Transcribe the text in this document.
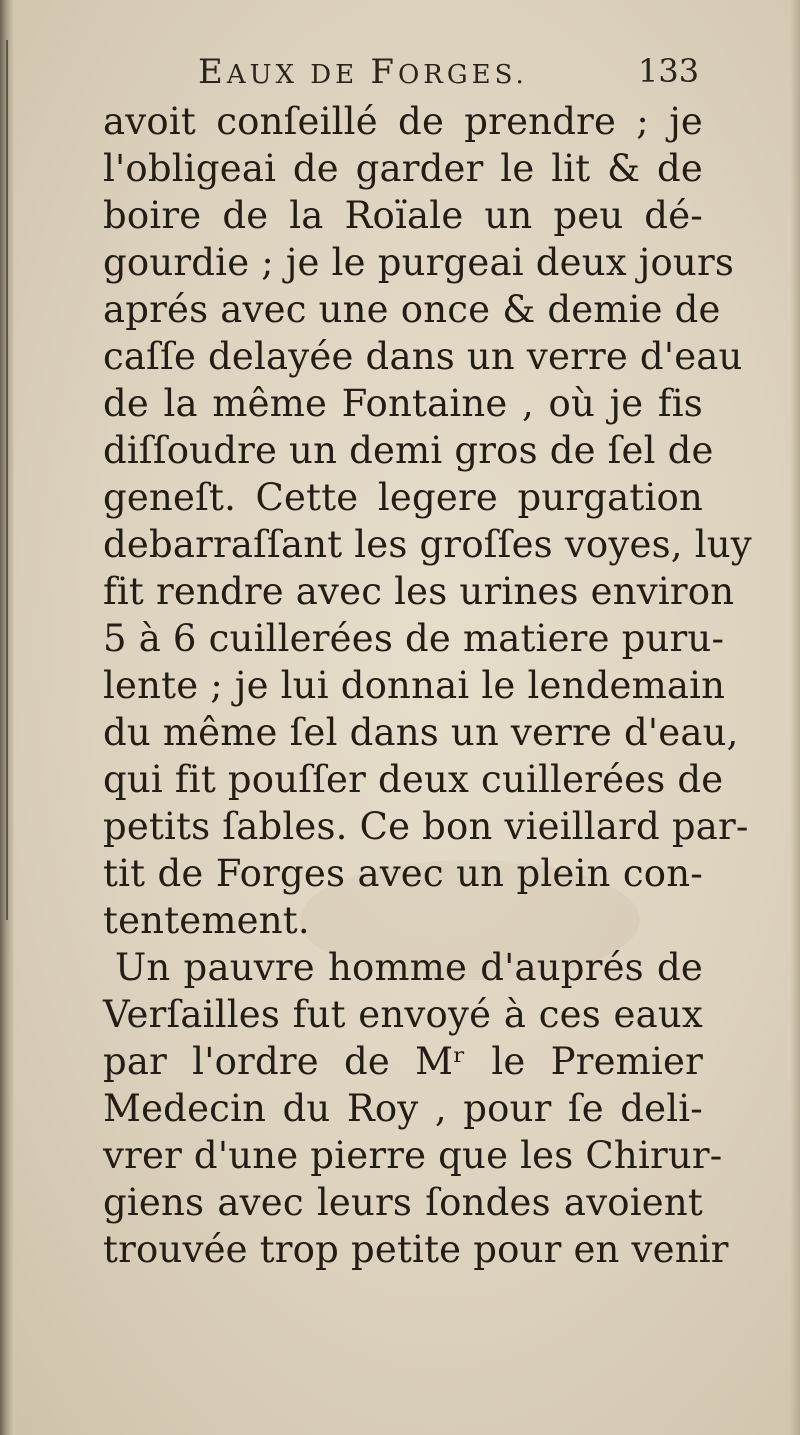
EAUX DE FORGES.	133
avoit conſeillé de prendre ; je
l'obligeai de garder le lit & de
boire de la Roïale un peu dé-
gourdie ; je le purgeai deux jours
aprés avec une once & demie de
caſſe delayée dans un verre d'eau
de la même Fontaine , où je fis
diſſoudre un demi gros de ſel de
geneſt. Cette legere purgation
debarraſſant les groſſes voyes, luy
fit rendre avec les urines environ
5 à 6 cuillerées de matiere puru-
lente ; je lui donnai le lendemain
du même ſel dans un verre d'eau,
qui fit pouſſer deux cuillerées de
petits ſables. Ce bon vieillard par-
tit de Forges avec un plein con-
tentement.
Un pauvre homme d'auprés de
Verſailles fut envoyé à ces eaux
par l'ordre de Mʳ le Premier
Medecin du Roy , pour ſe deli-
vrer d'une pierre que les Chirur-
giens avec leurs ſondes avoient
trouvée trop petite pour en venir
